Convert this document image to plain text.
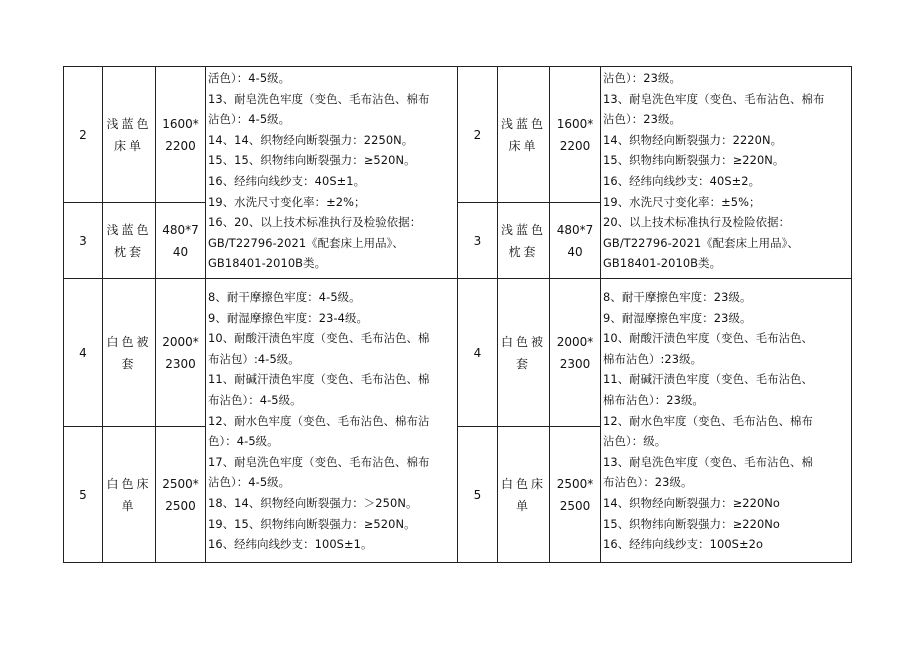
2
浅蓝色
床单
1600*
2200
3
浅蓝色
枕套
480*7
40
4
白色被
套
2000*
2300
5
白色床
单
2500*
2500
活色）：4-5级。
13、耐皂洗色牢度（变色、毛布沾色、棉布
沾色）：4-5级。
14、14、织物经向断裂强力：2250N。
15、15、织物纬向断裂强力：≥520N。
16、经纬向线纱支：40S±1。
19、水洗尺寸变化率：±2%；
16、20、以上技术标准执行及检验依据：
GB/T22796-2021《配套床上用品》、
GB18401-2010B类。
8、耐干摩擦色牢度：4-5级。
9、耐湿摩擦色牢度：23-4级。
10、耐酸汗渍色牢度（变色、毛布沾色、棉
布沾包）:4-5级。
11、耐碱汗渍色牢度（变色、毛布沾色、棉
布沾色）：4-5级。
12、耐水色牢度（变色、毛布沾色、棉布沾
色）：4-5级。
17、耐皂洗色牢度（变色、毛布沾色、棉布
沾色）：4-5级。
18、14、织物经向断裂强力：＞250N。
19、15、织物纬向断裂强力：≥520N。
16、经纬向线纱支：100S±1。
2
浅蓝色
床单
1600*
2200
3
浅蓝色
枕套
480*7
40
4
白色被
套
2000*
2300
5
白色床
单
2500*
2500
沾色）：23级。
13、耐皂洗色牢度（变色、毛布沾色、棉布
沾色）：23级。
14、织物经向断裂强力：2220N。
15、织物纬向断裂强力：≥220N。
16、经纬向线纱支：40S±2。
19、水洗尺寸变化率：±5%；
20、以上技术标准执行及检险依据：
GB/T22796-2021《配套床上用品》、
GB18401-2010B类。
8、耐干摩擦色牢度：23级。
9、耐湿摩擦色牢度：23级。
10、耐酸汗渍色牢度（变色、毛布沾色、
棉布沾色）:23级。
11、耐碱汗渍色牢度（变色、毛布沾色、
棉布沾色）：23级。
12、耐水色牢度（变色、毛布沾色、棉布
沾色）：级。
13、耐皂洗色牢度（变色、毛布沾色、棉
布沾色）：23级。
14、织物经向断裂强力：≥220No
15、织物纬向断裂强力：≥220No
16、经纬向线纱支：100S±2o
